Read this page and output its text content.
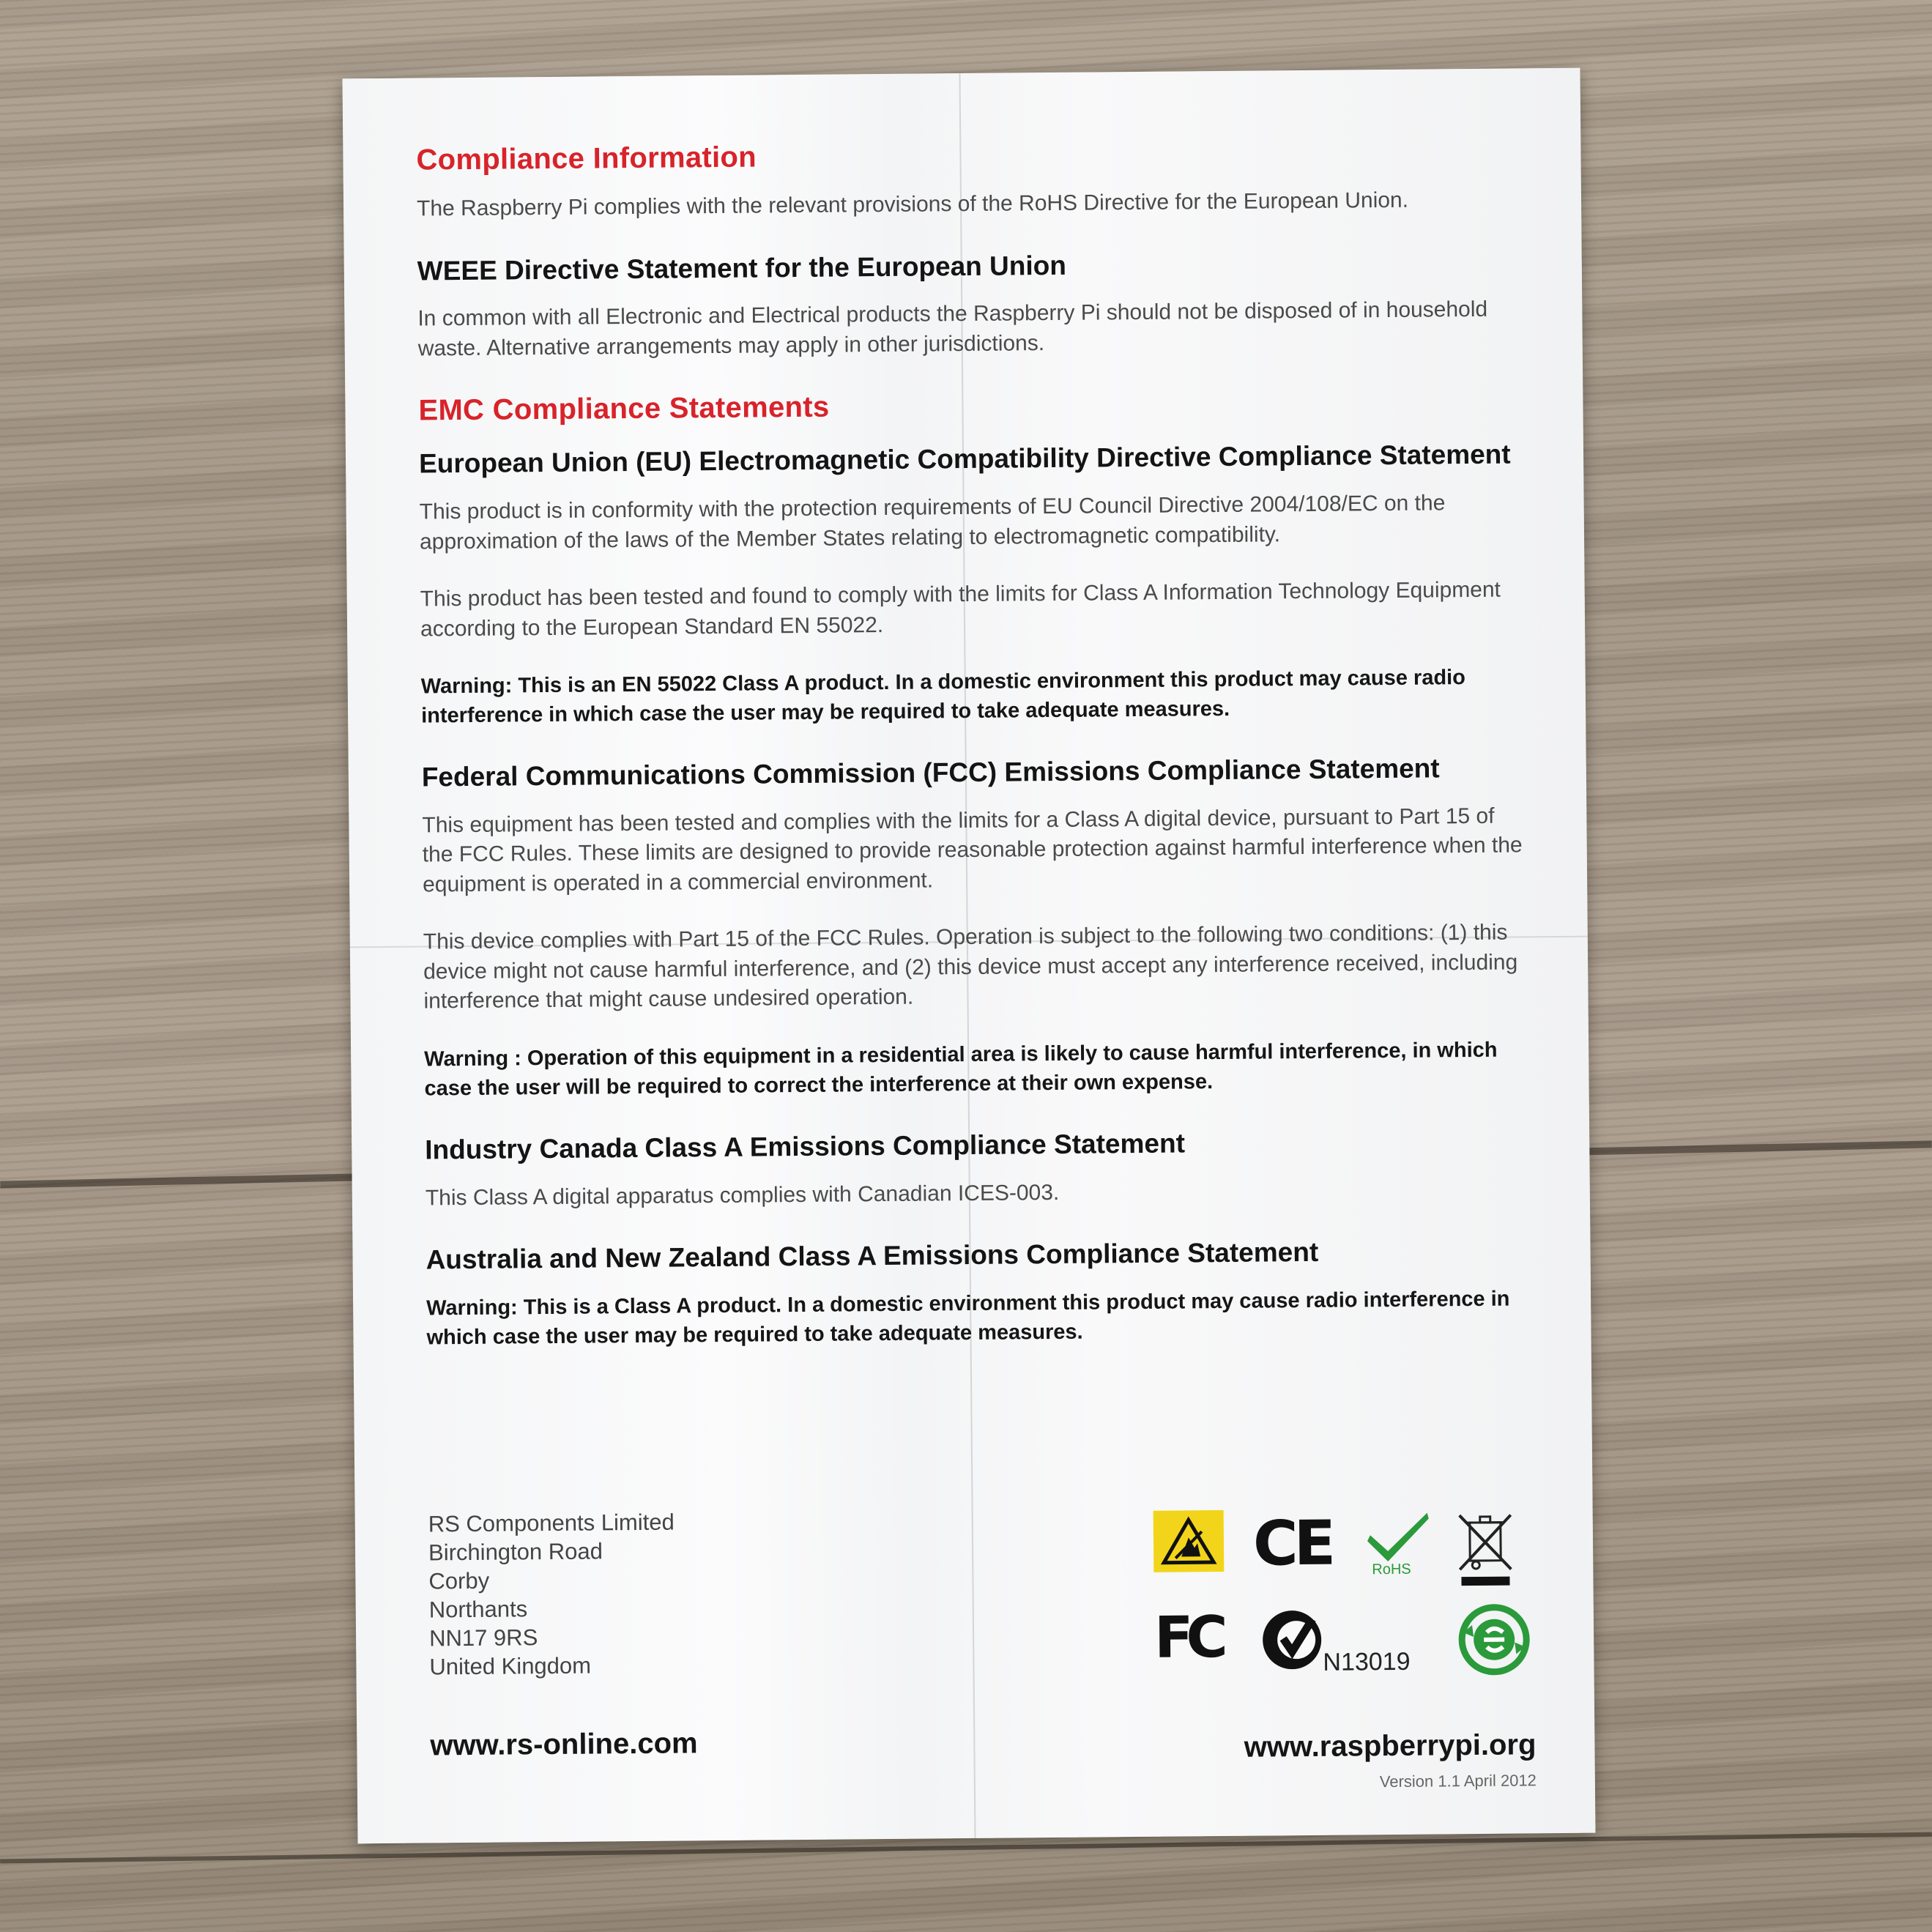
Compliance Information

The Raspberry Pi complies with the relevant provisions of the RoHS Directive for the European Union.

WEEE Directive Statement for the European Union

In common with all Electronic and Electrical products the Raspberry Pi should not be disposed of in household waste. Alternative arrangements may apply in other jurisdictions.

EMC Compliance Statements
European Union (EU) Electromagnetic Compatibility Directive Compliance Statement

This product is in conformity with the protection requirements of EU Council Directive 2004/108/EC on the approximation of the laws of the Member States relating to electromagnetic compatibility.

This product has been tested and found to comply with the limits for Class A Information Technology Equipment according to the European Standard EN 55022.

Warning: This is an EN 55022 Class A product. In a domestic environment this product may cause radio interference in which case the user may be required to take adequate measures.

Federal Communications Commission (FCC) Emissions Compliance Statement

This equipment has been tested and complies with the limits for a Class A digital device, pursuant to Part 15 of the FCC Rules. These limits are designed to provide reasonable protection against harmful interference when the equipment is operated in a commercial environment.

This device complies with Part 15 of the FCC Rules. Operation is subject to the following two conditions: (1) this device might not cause harmful interference, and (2) this device must accept any interference received, including interference that might cause undesired operation.

Warning : Operation of this equipment in a residential area is likely to cause harmful interference, in which case the user will be required to correct the interference at their own expense.

Industry Canada Class A Emissions Compliance Statement

This Class A digital apparatus complies with Canadian ICES-003.

Australia and New Zealand Class A Emissions Compliance Statement

Warning: This is a Class A product. In a domestic environment this product may cause radio interference in which case the user may be required to take adequate measures.

RS Components Limited
Birchington Road
Corby
Northants
NN17 9RS
United Kingdom
CE	RoHS
FC	N13019
www.rs-online.com	www.raspberrypi.org
Version 1.1 April 2012
